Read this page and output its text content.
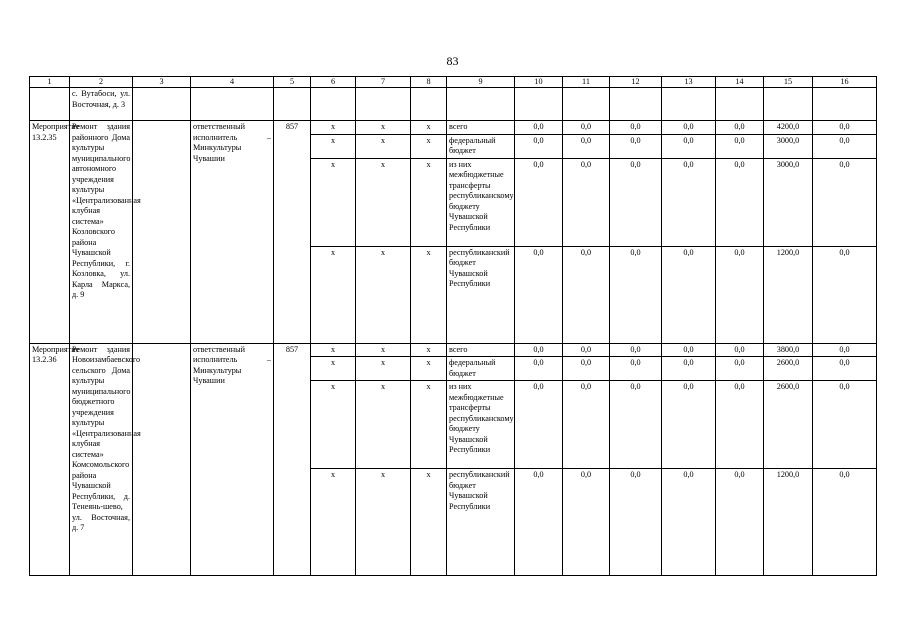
83
1	2	3	4	5	6	7	8	9	10	11	12	13	14	15	16
	с. Вутабоси, ул. Восточная, д. 3														
Мероприятие 13.2.35	Ремонт здания районного Дома культуры муниципального автономного учреждения культуры «Централизованная клубная система» Козловского района Чувашской Республики, г. Козловка, ул. Карла Маркса, д. 9		ответственный исполнитель – Минкультуры Чувашии	857	х	х	х	всего	0,0	0,0	0,0	0,0	0,0	4200,0	0,0
					х	х	х	федеральный бюджет	0,0	0,0	0,0	0,0	0,0	3000,0	0,0
					х	х	х	из них межбюджетные трансферты республиканскому бюджету Чувашской Республики	0,0	0,0	0,0	0,0	0,0	3000,0	0,0
					х	х	х	республиканский бюджет Чувашской Республики	0,0	0,0	0,0	0,0	0,0	1200,0	0,0
Мероприятие 13.2.36	Ремонт здания Новоизамбаевского сельского Дома культуры муниципального бюджетного учреждения культуры «Централизованная клубная система» Комсомольского района Чувашской Республики, д. Тенеянь-шево, ул. Восточная, д. 7		ответственный исполнитель – Минкультуры Чувашии	857	х	х	х	всего	0,0	0,0	0,0	0,0	0,0	3800,0	0,0
					х	х	х	федеральный бюджет	0,0	0,0	0,0	0,0	0,0	2600,0	0,0
					х	х	х	из них межбюджетные трансферты республиканскому бюджету Чувашской Республики	0,0	0,0	0,0	0,0	0,0	2600,0	0,0
					х	х	х	республиканский бюджет Чувашской Республики	0,0	0,0	0,0	0,0	0,0	1200,0	0,0
